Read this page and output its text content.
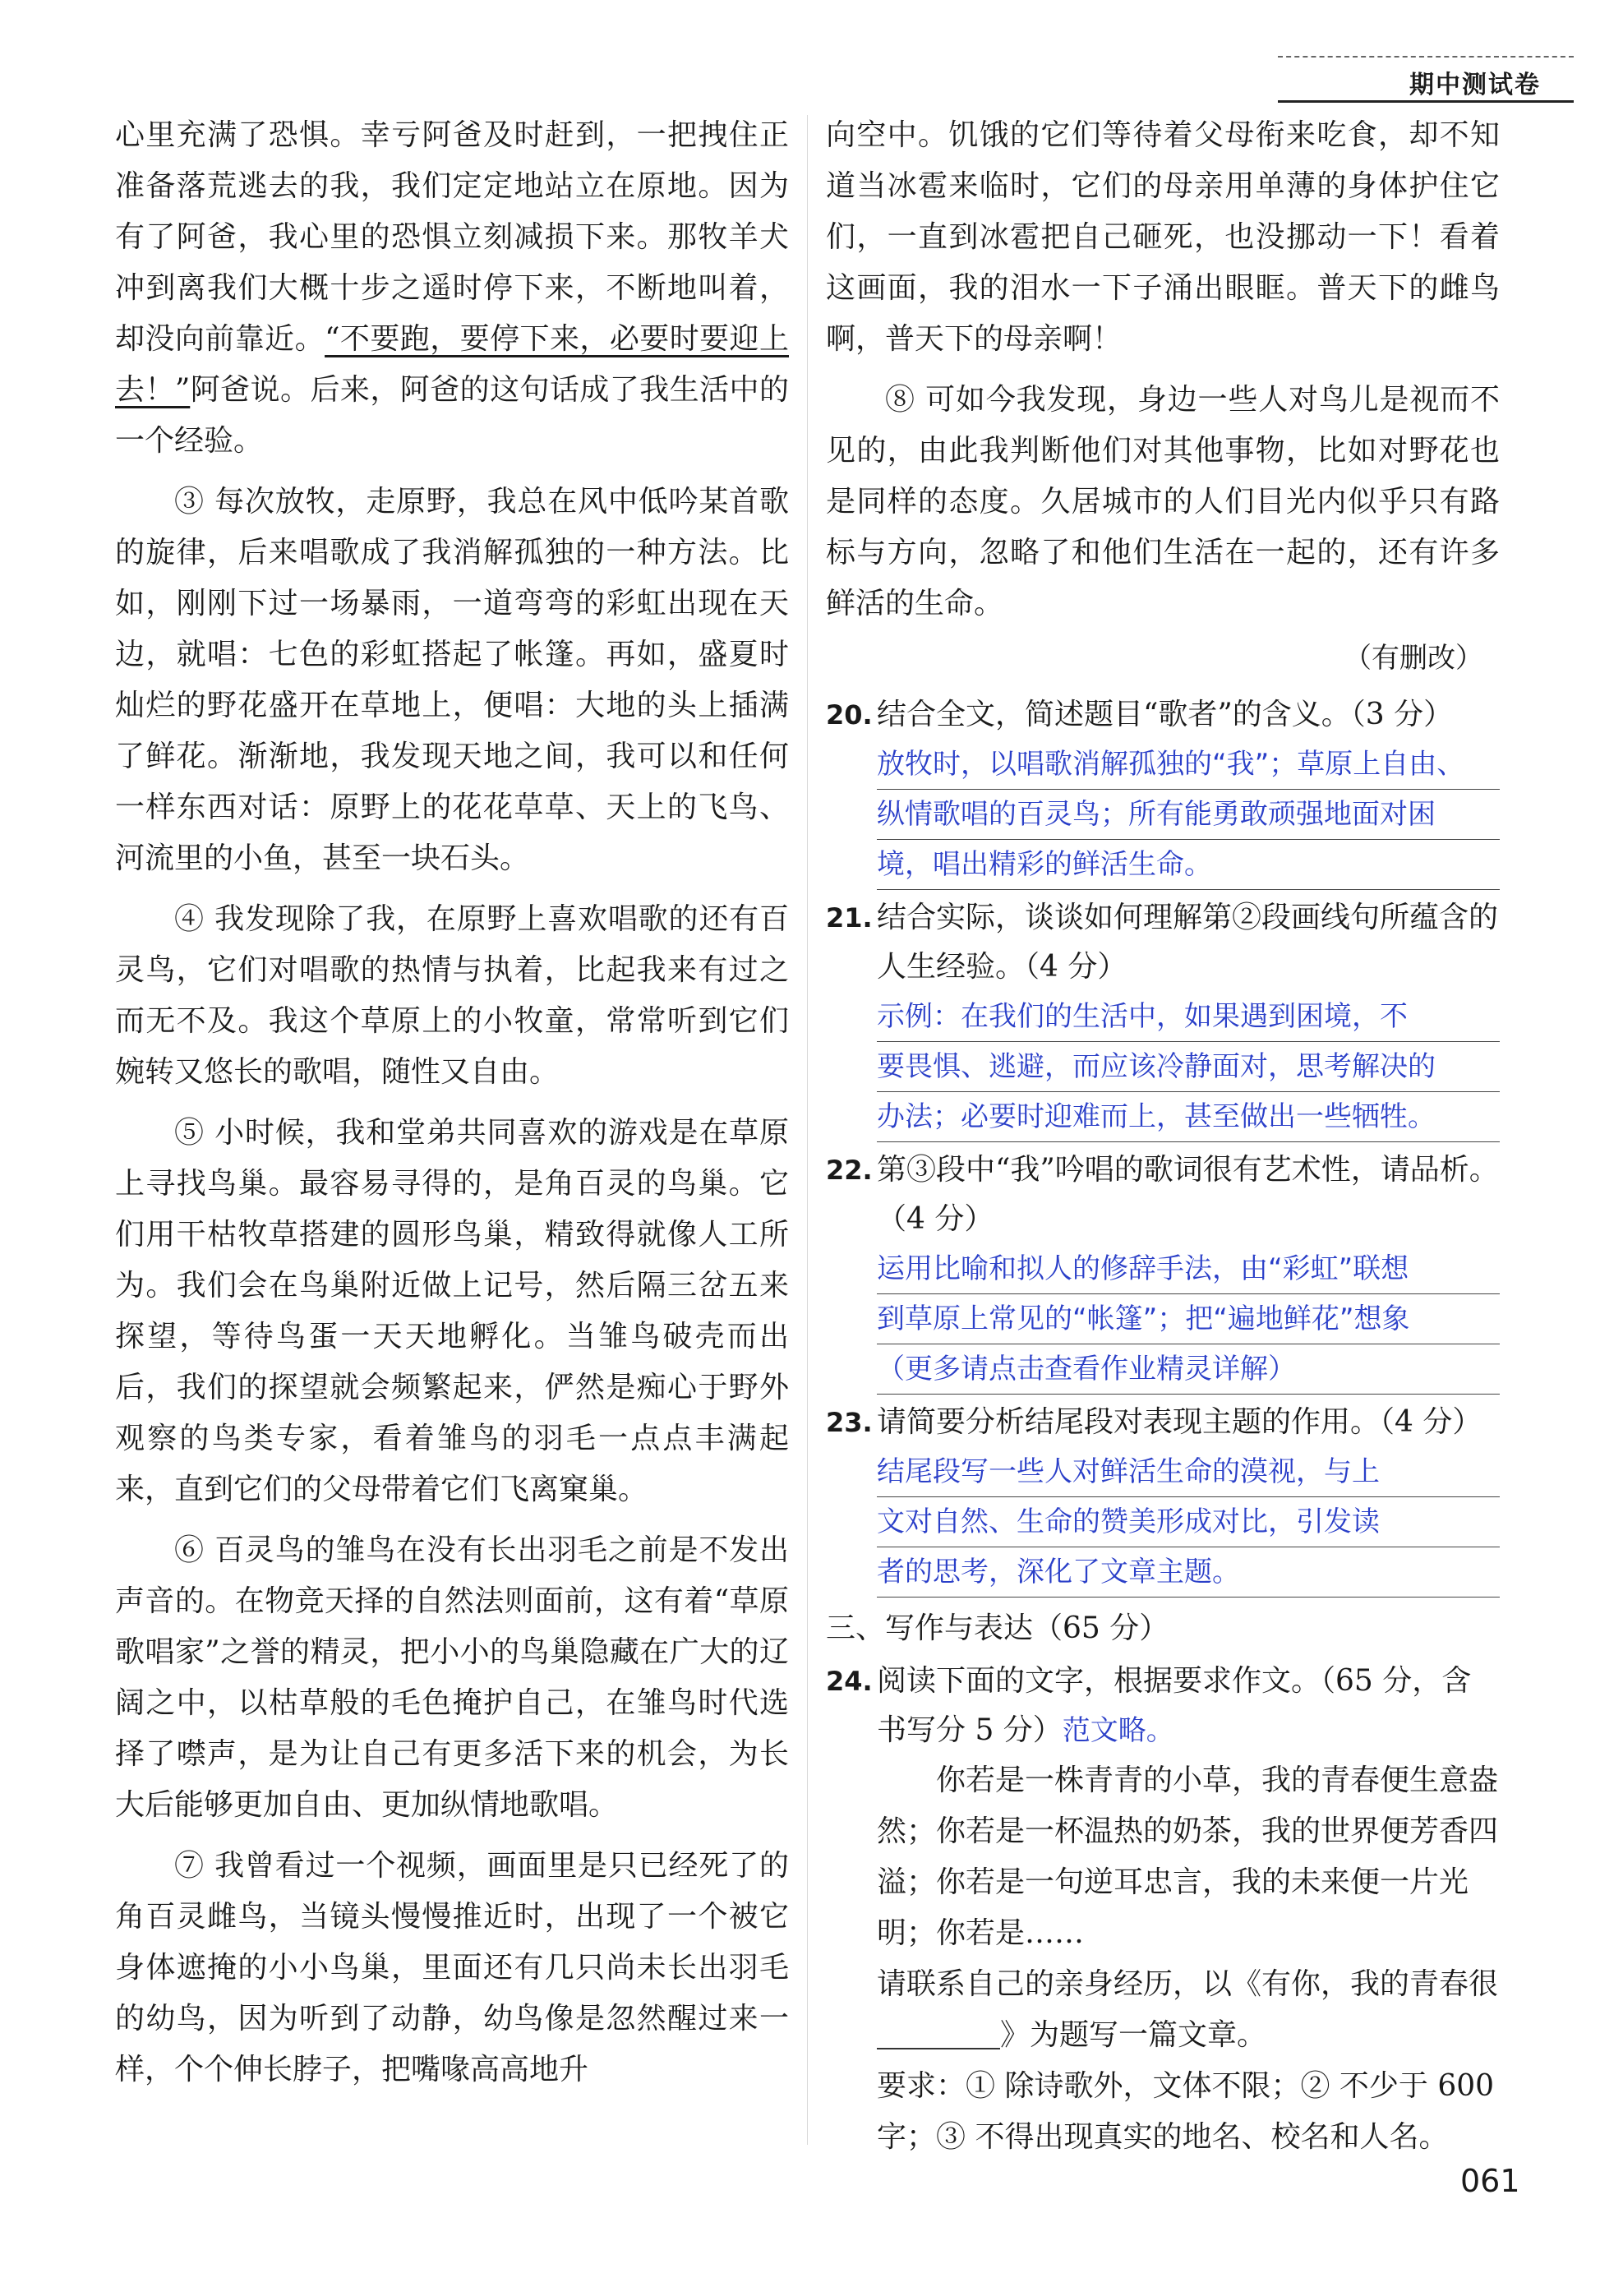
期中测试卷

心里充满了恐惧。幸亏阿爸及时赶到，一把拽住正准备落荒逃去的我，我们定定地站立在原地。因为有了阿爸，我心里的恐惧立刻减损下来。那牧羊犬冲到离我们大概十步之遥时停下来，不断地叫着，却没向前靠近。“不要跑，要停下来，必要时要迎上去！”阿爸说。后来，阿爸的这句话成了我生活中的一个经验。

③ 每次放牧，走原野，我总在风中低吟某首歌的旋律，后来唱歌成了我消解孤独的一种方法。比如，刚刚下过一场暴雨，一道弯弯的彩虹出现在天边，就唱：七色的彩虹搭起了帐篷。再如，盛夏时灿烂的野花盛开在草地上，便唱：大地的头上插满了鲜花。渐渐地，我发现天地之间，我可以和任何一样东西对话：原野上的花花草草、天上的飞鸟、河流里的小鱼，甚至一块石头。

④ 我发现除了我，在原野上喜欢唱歌的还有百灵鸟，它们对唱歌的热情与执着，比起我来有过之而无不及。我这个草原上的小牧童，常常听到它们婉转又悠长的歌唱，随性又自由。

⑤ 小时候，我和堂弟共同喜欢的游戏是在草原上寻找鸟巢。最容易寻得的，是角百灵的鸟巢。它们用干枯牧草搭建的圆形鸟巢，精致得就像人工所为。我们会在鸟巢附近做上记号，然后隔三岔五来探望，等待鸟蛋一天天地孵化。当雏鸟破壳而出后，我们的探望就会频繁起来，俨然是痴心于野外观察的鸟类专家，看着雏鸟的羽毛一点点丰满起来，直到它们的父母带着它们飞离窠巢。

⑥ 百灵鸟的雏鸟在没有长出羽毛之前是不发出声音的。在物竞天择的自然法则面前，这有着“草原歌唱家”之誉的精灵，把小小的鸟巢隐藏在广大的辽阔之中，以枯草般的毛色掩护自己，在雏鸟时代选择了噤声，是为让自己有更多活下来的机会，为长大后能够更加自由、更加纵情地歌唱。

⑦ 我曾看过一个视频，画面里是只已经死了的角百灵雌鸟，当镜头慢慢推近时，出现了一个被它身体遮掩的小小鸟巢，里面还有几只尚未长出羽毛的幼鸟，因为听到了动静，幼鸟像是忽然醒过来一样，个个伸长脖子，把嘴喙高高地升

向空中。饥饿的它们等待着父母衔来吃食，却不知道当冰雹来临时，它们的母亲用单薄的身体护住它们，一直到冰雹把自己砸死，也没挪动一下！看着这画面，我的泪水一下子涌出眼眶。普天下的雌鸟啊，普天下的母亲啊！

⑧ 可如今我发现，身边一些人对鸟儿是视而不见的，由此我判断他们对其他事物，比如对野花也是同样的态度。久居城市的人们目光内似乎只有路标与方向，忽略了和他们生活在一起的，还有许多鲜活的生命。

（有删改）
20. 结合全文，简述题目“歌者”的含义。（3 分）
放牧时，以唱歌消解孤独的“我”；草原上自由、
纵情歌唱的百灵鸟；所有能勇敢顽强地面对困
境，唱出精彩的鲜活生命。
21. 结合实际，谈谈如何理解第②段画线句所蕴含的人生经验。（4 分）
示例：在我们的生活中，如果遇到困境，不
要畏惧、逃避，而应该冷静面对，思考解决的
办法；必要时迎难而上，甚至做出一些牺牲。
22. 第③段中“我”吟唱的歌词很有艺术性，请品析。（4 分）
运用比喻和拟人的修辞手法，由“彩虹”联想
到草原上常见的“帐篷”；把“遍地鲜花”想象
（更多请点击查看作业精灵详解）
23. 请简要分析结尾段对表现主题的作用。（4 分）
结尾段写一些人对鲜活生命的漠视，与上
文对自然、生命的赞美形成对比，引发读
者的思考，深化了文章主题。
三、写作与表达（65 分）
24. 阅读下面的文字，根据要求作文。（65 分，含书写分 5 分）范文略。

你若是一株青青的小草，我的青春便生意盎然；你若是一杯温热的奶茶，我的世界便芳香四溢；你若是一句逆耳忠言，我的未来便一片光明；你若是……

请联系自己的亲身经历，以《有你，我的青春很》为题写一篇文章。

要求：① 除诗歌外，文体不限；② 不少于 600 字；③ 不得出现真实的地名、校名和人名。

061
